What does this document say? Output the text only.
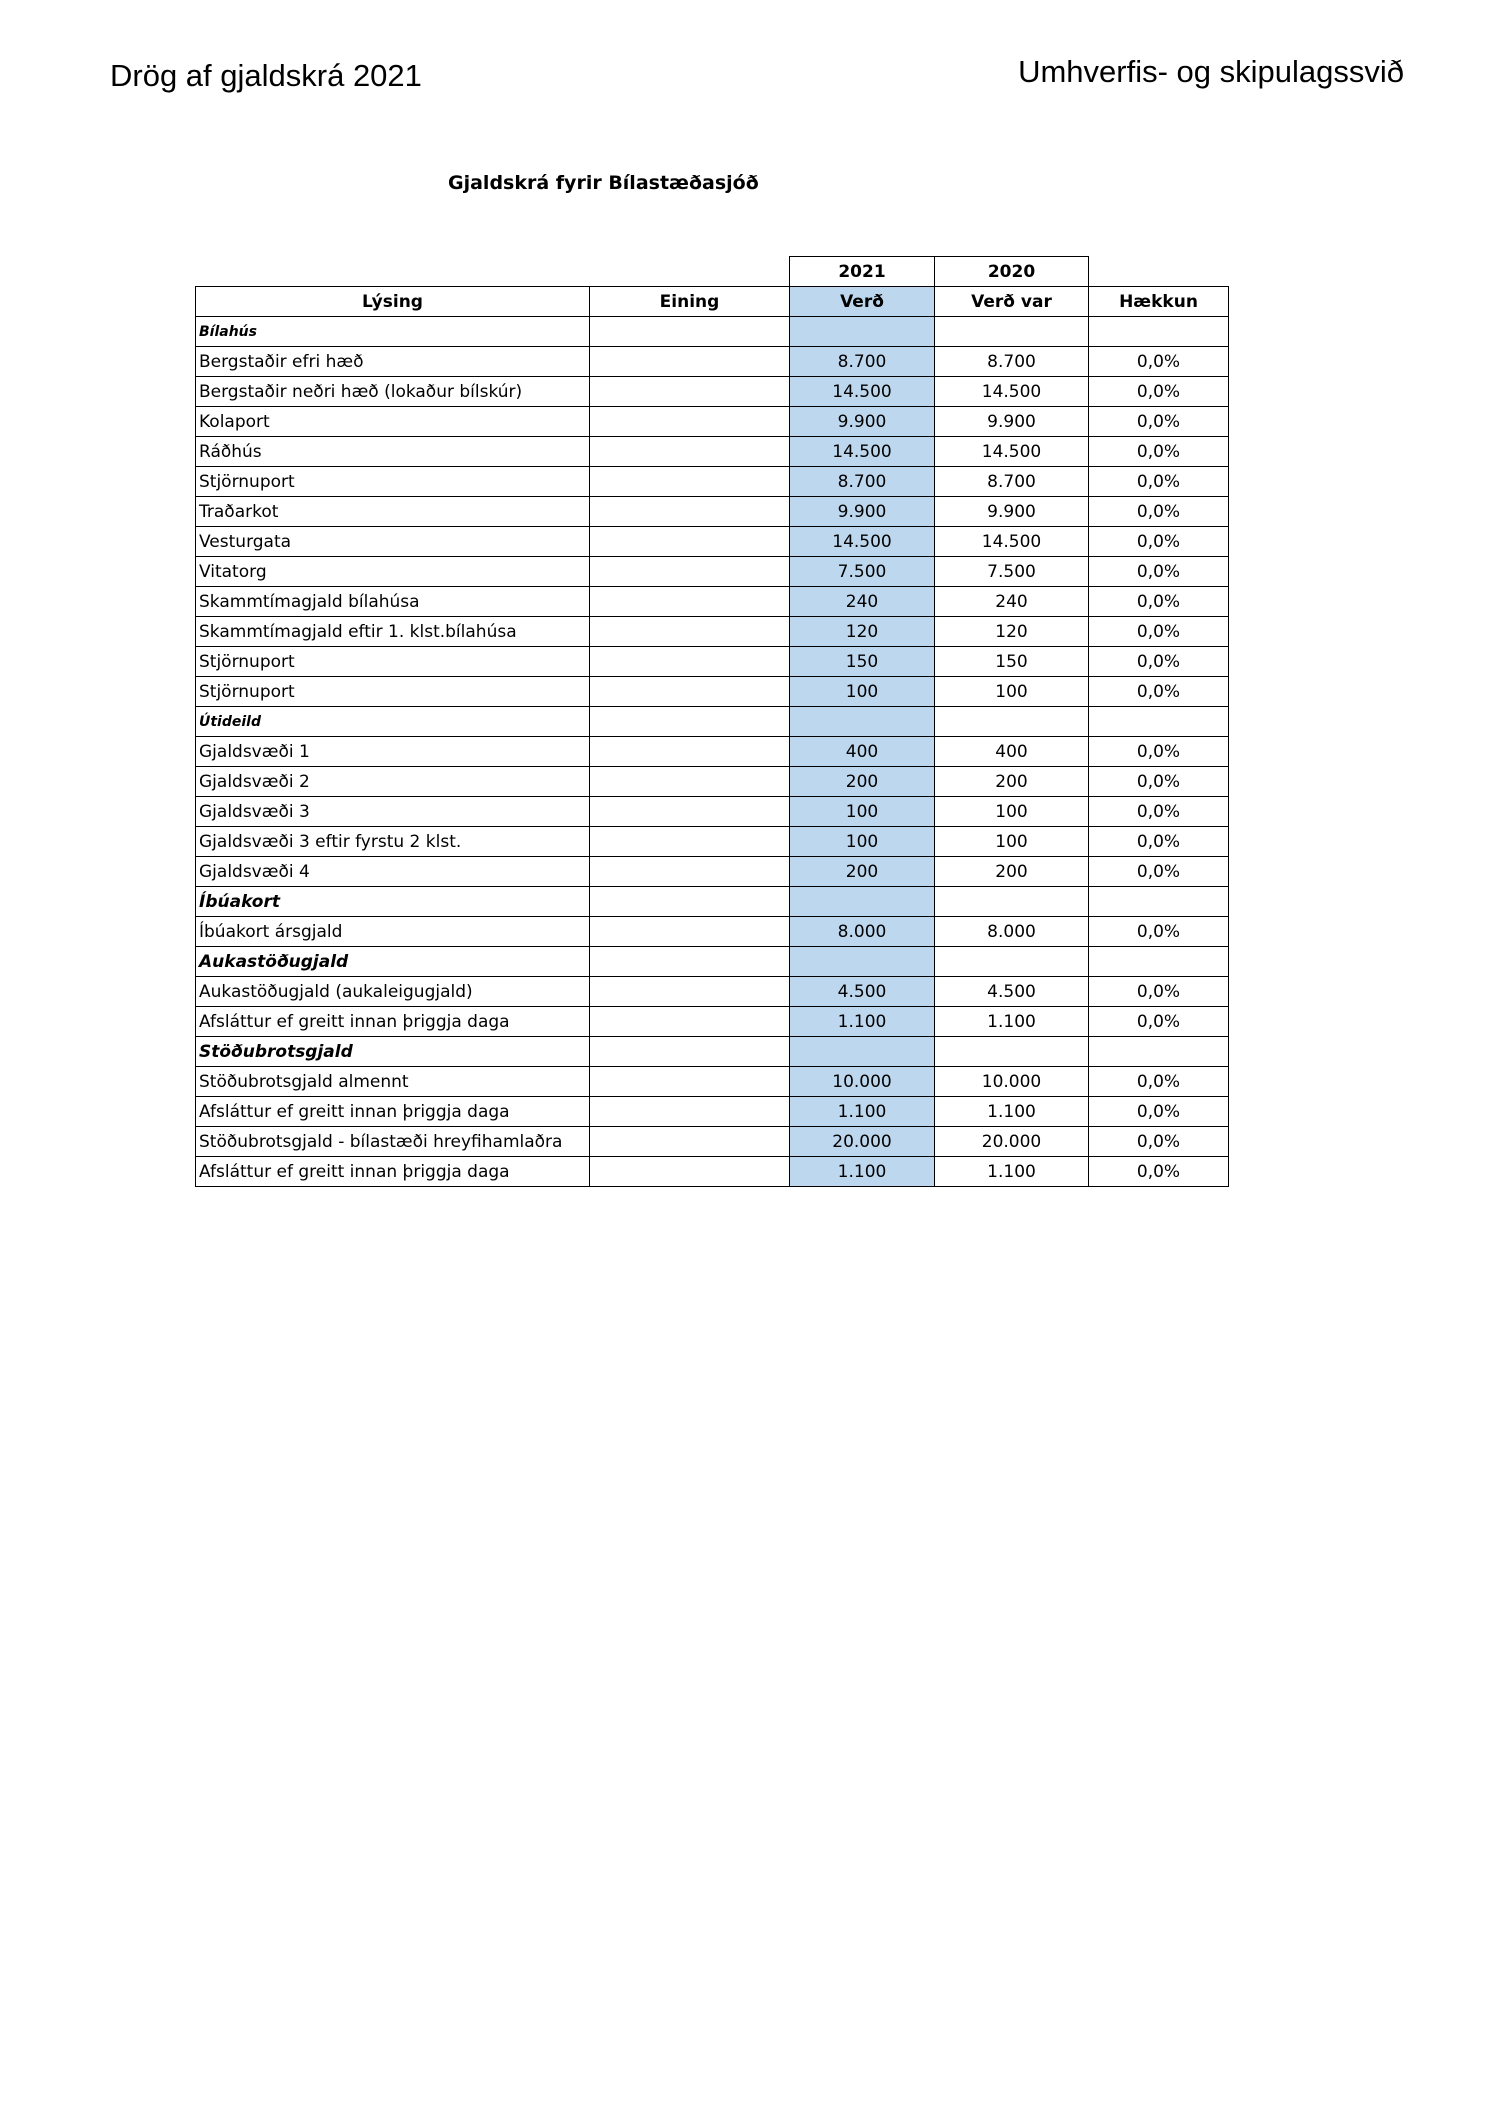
Drög af gjaldskrá 2021	Umhverfis- og skipulagssvið
Gjaldskrá fyrir Bílastæðasjóð
		2021	2020	
Lýsing	Eining	Verð	Verð var	Hækkun
Bílahús				
Bergstaðir efri hæð		8.700	8.700	0,0%
Bergstaðir neðri hæð (lokaður bílskúr)		14.500	14.500	0,0%
Kolaport		9.900	9.900	0,0%
Ráðhús		14.500	14.500	0,0%
Stjörnuport		8.700	8.700	0,0%
Traðarkot		9.900	9.900	0,0%
Vesturgata		14.500	14.500	0,0%
Vitatorg		7.500	7.500	0,0%
Skammtímagjald bílahúsa		240	240	0,0%
Skammtímagjald eftir 1. klst.bílahúsa		120	120	0,0%
Stjörnuport		150	150	0,0%
Stjörnuport		100	100	0,0%
Útideild				
Gjaldsvæði 1		400	400	0,0%
Gjaldsvæði 2		200	200	0,0%
Gjaldsvæði 3		100	100	0,0%
Gjaldsvæði 3 eftir fyrstu 2 klst.		100	100	0,0%
Gjaldsvæði 4		200	200	0,0%
Íbúakort				
Íbúakort ársgjald		8.000	8.000	0,0%
Aukastöðugjald				
Aukastöðugjald (aukaleigugjald)		4.500	4.500	0,0%
Afsláttur ef greitt innan þriggja daga		1.100	1.100	0,0%
Stöðubrotsgjald				
Stöðubrotsgjald almennt		10.000	10.000	0,0%
Afsláttur ef greitt innan þriggja daga		1.100	1.100	0,0%
Stöðubrotsgjald - bílastæði hreyfihamlaðra		20.000	20.000	0,0%
Afsláttur ef greitt innan þriggja daga		1.100	1.100	0,0%
